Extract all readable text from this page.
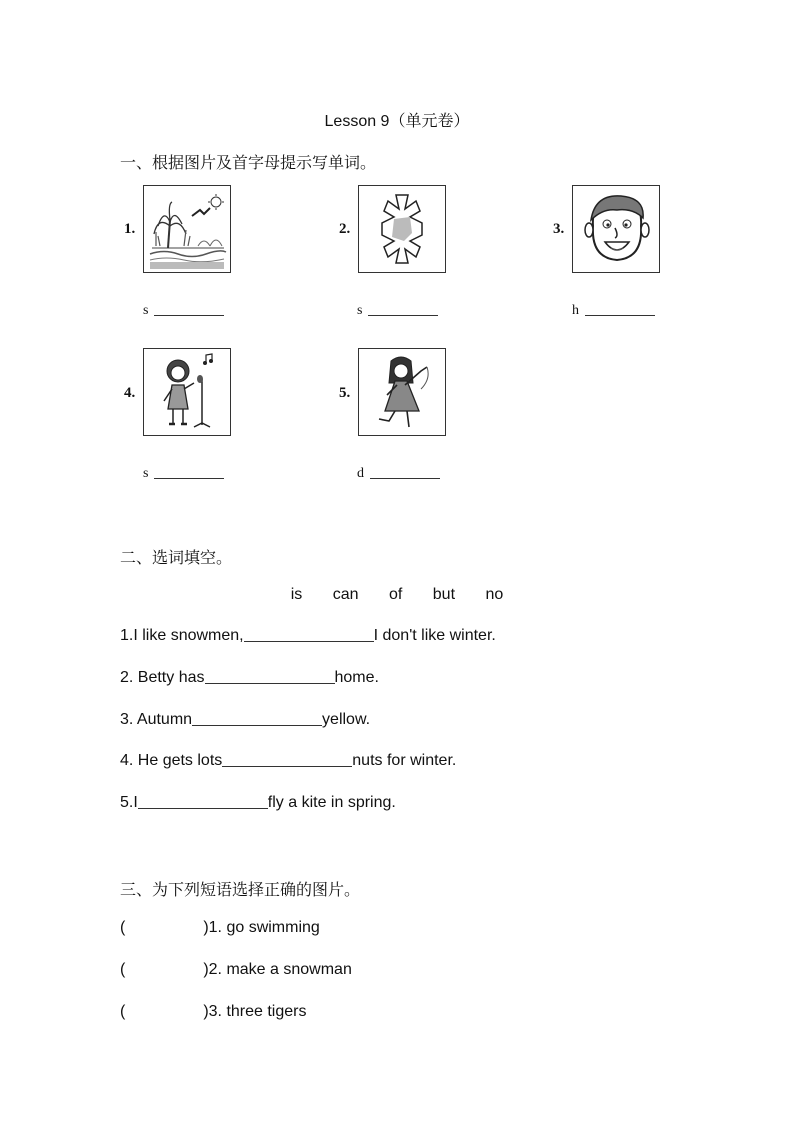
Lesson 9（单元卷）
一、根据图片及首字母提示写单词。
1.
s
2.
s
3.
h
4.
s
5.
d
二、选词填空。
is can of but no
1.I like snowmen,	I don't like winter.
2. Betty has	home.
3. Autumn	yellow.
4. He gets lots	nuts for winter.
5.I	fly a kite in spring.
三、为下列短语选择正确的图片。
(	)1. go swimming
(	)2. make a snowman
(	)3. three tigers
